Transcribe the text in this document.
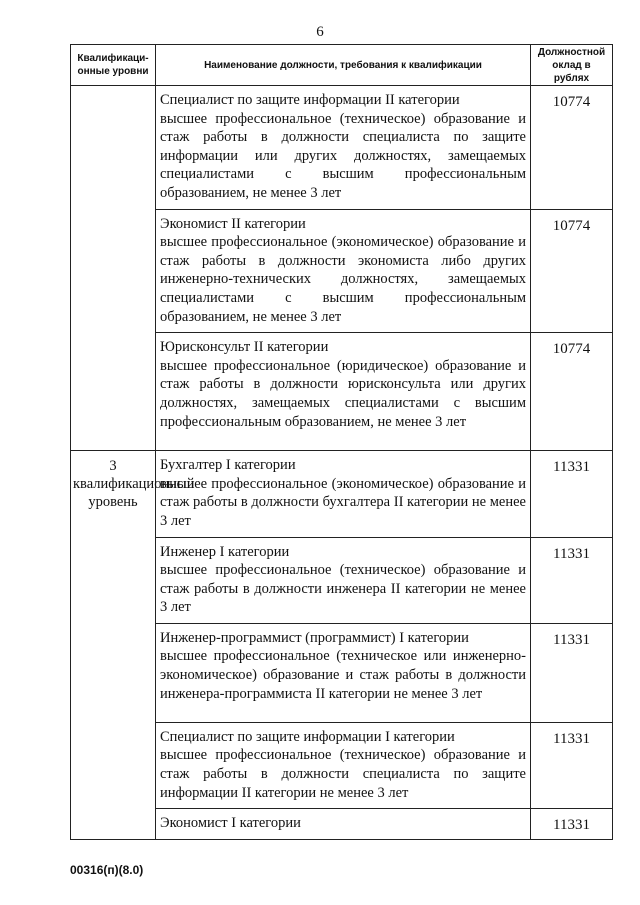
6
Квалификаци-онные уровни	Наименование должности, требования к квалификации	Должностной оклад в рублях

	Специалист по защите информации II категории
высшее профессиональное (техническое) образование и стаж работы в должности специалиста по защите информации или других должностях, замещаемых специалистами с высшим профессиональным образованием, не менее 3 лет	10774

	Экономист II категории
высшее профессиональное (экономическое) образование и стаж работы в должности экономиста либо других инженерно-технических должностях, замещаемых специалистами с высшим профессиональным образованием, не менее 3 лет	10774

	Юрисконсульт II категории
высшее профессиональное (юридическое) образование и стаж работы в должности юрисконсульта или других должностях, замещаемых специалистами с высшим профессиональным образованием, не менее 3 лет	10774
3 квалификационный уровень	Бухгалтер I категории
высшее профессиональное (экономическое) образование и стаж работы в должности бухгалтера II категории не менее 3 лет	11331

	Инженер I категории
высшее профессиональное (техническое) образование и стаж работы в должности инженера II категории не менее 3 лет	11331

	Инженер-программист (программист) I категории
высшее профессиональное (техническое или инженерно-экономическое) образование и стаж работы в должности инженера-программиста II категории не менее 3 лет	11331

	Специалист по защите информации I категории
высшее профессиональное (техническое) образование и стаж работы в должности специалиста по защите информации II категории не менее 3 лет	11331

	Экономист I категории	11331
00316(п)(8.0)
